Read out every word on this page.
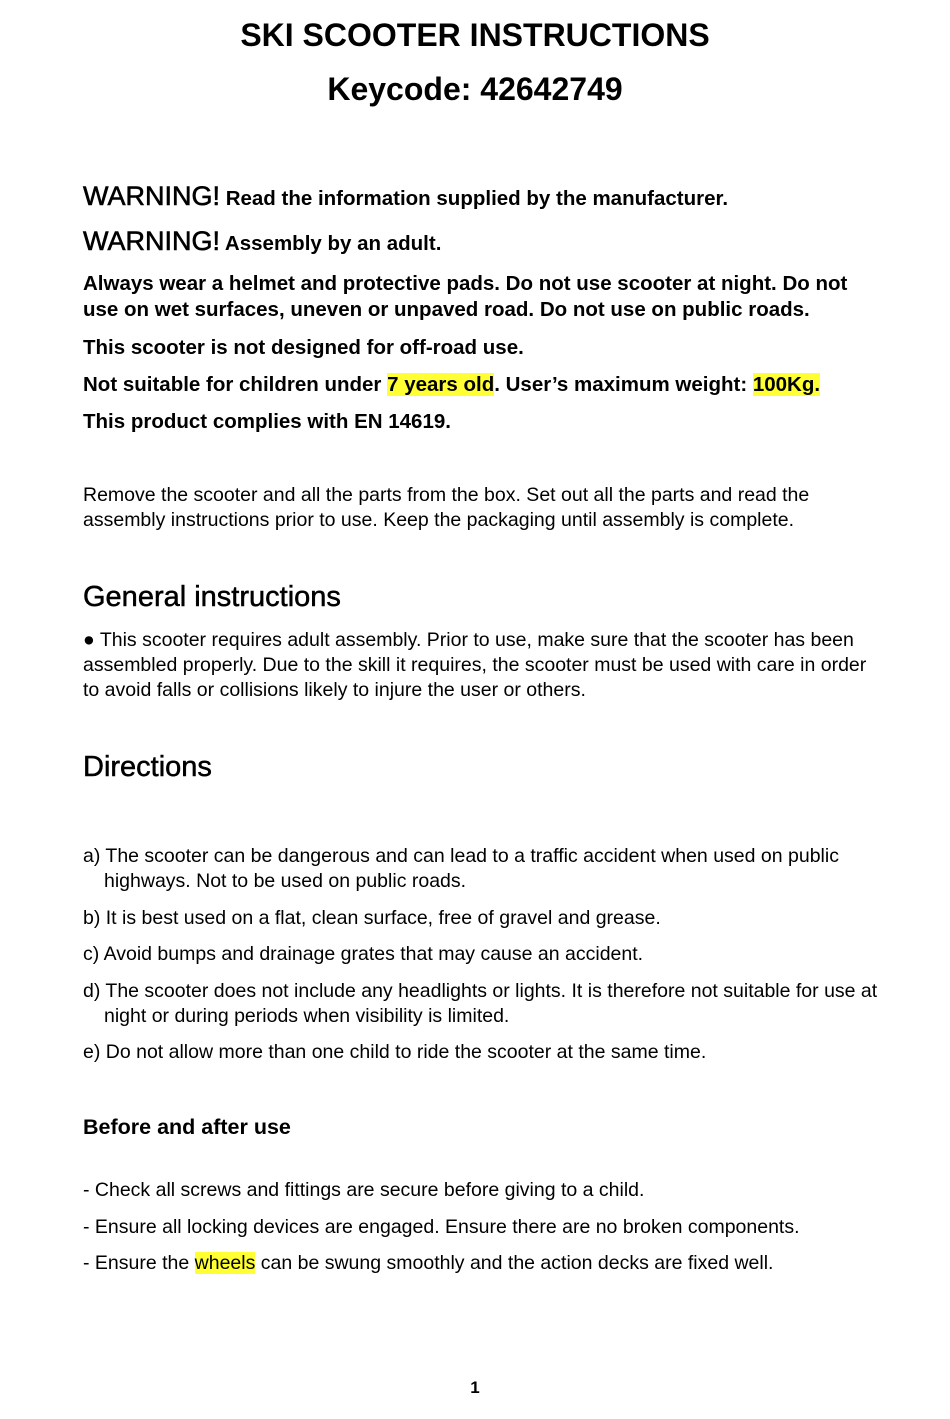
SKI SCOOTER INSTRUCTIONS
Keycode: 42642749

WARNING! Read the information supplied by the manufacturer.

WARNING! Assembly by an adult.

Always wear a helmet and protective pads. Do not use scooter at night. Do not use on wet surfaces, uneven or unpaved road. Do not use on public roads.

This scooter is not designed for off-road use.

Not suitable for children under 7 years old. User’s maximum weight: 100Kg.

This product complies with EN 14619.

Remove the scooter and all the parts from the box. Set out all the parts and read the assembly instructions prior to use. Keep the packaging until assembly is complete.

General instructions

● This scooter requires adult assembly. Prior to use, make sure that the scooter has been assembled properly. Due to the skill it requires, the scooter must be used with care in order to avoid falls or collisions likely to injure the user or others.

Directions

a) The scooter can be dangerous and can lead to a traffic accident when used on public highways. Not to be used on public roads.

b) It is best used on a flat, clean surface, free of gravel and grease.

c) Avoid bumps and drainage grates that may cause an accident.

d) The scooter does not include any headlights or lights. It is therefore not suitable for use at night or during periods when visibility is limited.

e) Do not allow more than one child to ride the scooter at the same time.

Before and after use

- Check all screws and fittings are secure before giving to a child.

- Ensure all locking devices are engaged. Ensure there are no broken components.

- Ensure the wheels can be swung smoothly and the action decks are fixed well.

1
